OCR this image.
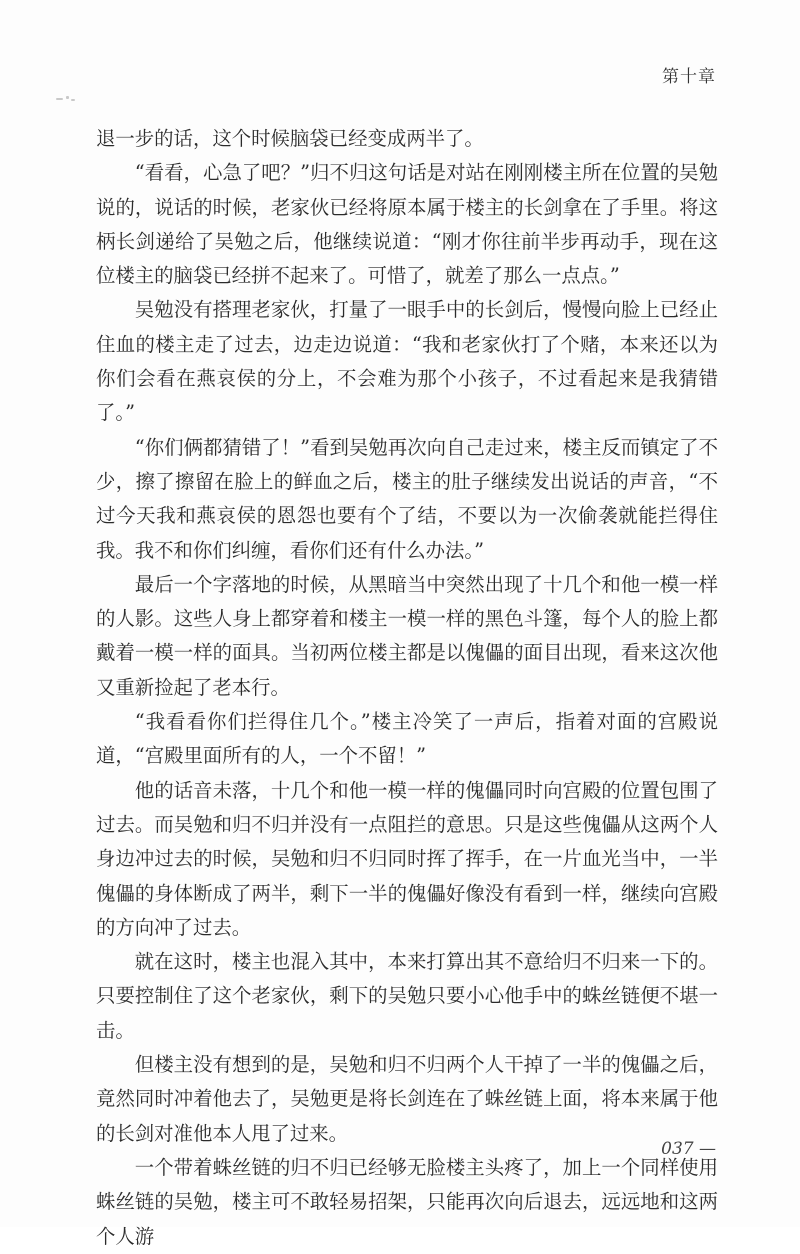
第十章

退一步的话，这个时候脑袋已经变成两半了。

“看看，心急了吧？”归不归这句话是对站在刚刚楼主所在位置的吴勉说的，说话的时候，老家伙已经将原本属于楼主的长剑拿在了手里。将这柄长剑递给了吴勉之后，他继续说道：“刚才你往前半步再动手，现在这位楼主的脑袋已经拼不起来了。可惜了，就差了那么一点点。”

吴勉没有搭理老家伙，打量了一眼手中的长剑后，慢慢向脸上已经止住血的楼主走了过去，边走边说道：“我和老家伙打了个赌，本来还以为你们会看在燕哀侯的分上，不会难为那个小孩子，不过看起来是我猜错了。”

“你们俩都猜错了！”看到吴勉再次向自己走过来，楼主反而镇定了不少，擦了擦留在脸上的鲜血之后，楼主的肚子继续发出说话的声音，“不过今天我和燕哀侯的恩怨也要有个了结，不要以为一次偷袭就能拦得住我。我不和你们纠缠，看你们还有什么办法。”

最后一个字落地的时候，从黑暗当中突然出现了十几个和他一模一样的人影。这些人身上都穿着和楼主一模一样的黑色斗篷，每个人的脸上都戴着一模一样的面具。当初两位楼主都是以傀儡的面目出现，看来这次他又重新捡起了老本行。

“我看看你们拦得住几个。”楼主冷笑了一声后，指着对面的宫殿说道，“宫殿里面所有的人，一个不留！”

他的话音未落，十几个和他一模一样的傀儡同时向宫殿的位置包围了过去。而吴勉和归不归并没有一点阻拦的意思。只是这些傀儡从这两个人身边冲过去的时候，吴勉和归不归同时挥了挥手，在一片血光当中，一半傀儡的身体断成了两半，剩下一半的傀儡好像没有看到一样，继续向宫殿的方向冲了过去。

就在这时，楼主也混入其中，本来打算出其不意给归不归来一下的。只要控制住了这个老家伙，剩下的吴勉只要小心他手中的蛛丝链便不堪一击。

但楼主没有想到的是，吴勉和归不归两个人干掉了一半的傀儡之后，竟然同时冲着他去了，吴勉更是将长剑连在了蛛丝链上面，将本来属于他的长剑对准他本人甩了过来。

一个带着蛛丝链的归不归已经够无脸楼主头疼了，加上一个同样使用蛛丝链的吴勉，楼主可不敢轻易招架，只能再次向后退去，远远地和这两个人游

037 —
